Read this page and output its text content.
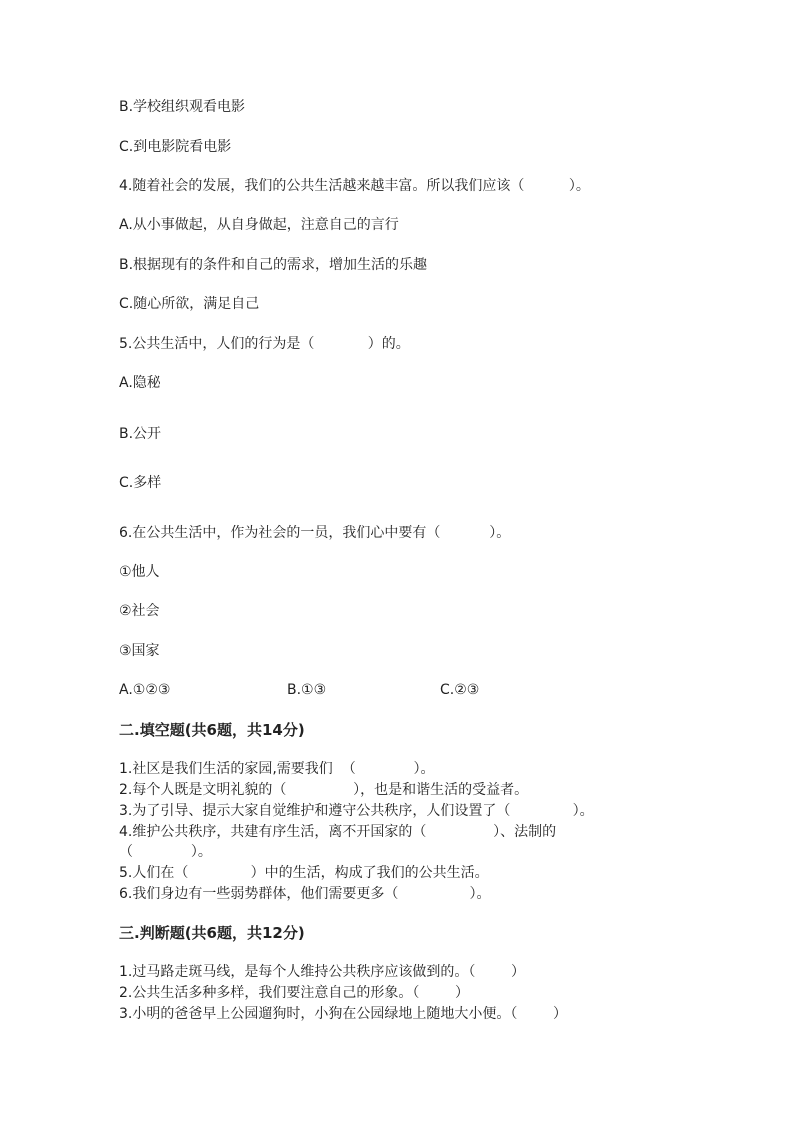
B.学校组织观看电影
C.到电影院看电影
4.随着社会的发展，我们的公共生活越来越丰富。所以我们应该（          ）。
A.从小事做起，从自身做起，注意自己的言行
B.根据现有的条件和自己的需求，增加生活的乐趣
C.随心所欲，满足自己
5.公共生活中，人们的行为是（            ）的。
A.隐秘
B.公开
C.多样
6.在公共生活中，作为社会的一员，我们心中要有（           ）。
①他人
②社会
③国家
A.①②③	B.①③	C.②③
二.填空题(共6题，共14分)
1.社区是我们生活的家园,需要我们  （             ）。
2.每个人既是文明礼貌的（               ），也是和谐生活的受益者。
3.为了引导、提示大家自觉维护和遵守公共秩序，人们设置了（              ）。
4.维护公共秩序，共建有序生活，离不开国家的（               ）、法制的
（             ）。
5.人们在（              ）中的生活，构成了我们的公共生活。
6.我们身边有一些弱势群体，他们需要更多（                ）。
三.判断题(共6题，共12分)
1.过马路走斑马线，是每个人维持公共秩序应该做到的。（        ）
2.公共生活多种多样，我们要注意自己的形象。（        ）
3.小明的爸爸早上公园遛狗时，小狗在公园绿地上随地大小便。（        ）
